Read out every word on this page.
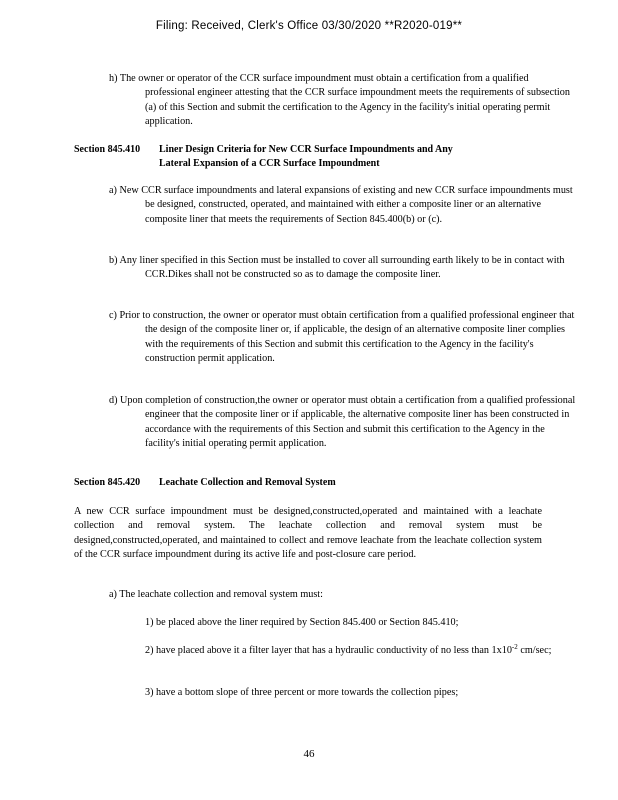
Filing: Received, Clerk's Office 03/30/2020 **R2020-019**

h) The owner or operator of the CCR surface impoundment must obtain a certification from a qualified professional engineer attesting that the CCR surface impoundment meets the requirements of subsection (a) of this Section and submit the certification to the Agency in the facility's initial operating permit application.

Section 845.410 Liner Design Criteria for New CCR Surface Impoundments and Any
Lateral Expansion of a CCR Surface Impoundment

a) New CCR surface impoundments and lateral expansions of existing and new CCR surface impoundments must be designed, constructed, operated, and maintained with either a composite liner or an alternative composite liner that meets the requirements of Section 845.400(b) or (c).

b) Any liner specified in this Section must be installed to cover all surrounding earth likely to be in contact with CCR.Dikes shall not be constructed so as to damage the composite liner.

c) Prior to construction, the owner or operator must obtain certification from a qualified professional engineer that the design of the composite liner or, if applicable, the design of an alternative composite liner complies with the requirements of this Section and submit this certification to the Agency in the facility's construction permit application.

d) Upon completion of construction,the owner or operator must obtain a certification from a qualified professional engineer that the composite liner or if applicable, the alternative composite liner has been constructed in accordance with the requirements of this Section and submit this certification to the Agency in the facility's initial operating permit application.

Section 845.420 Leachate Collection and Removal System

A new CCR surface impoundment must be designed,constructed,operated and maintained with a leachate collection and removal system. The leachate collection and removal system must be designed,constructed,operated, and maintained to collect and remove leachate from the leachate collection system of the CCR surface impoundment during its active life and post-closure care period.

a) The leachate collection and removal system must:

1) be placed above the liner required by Section 845.400 or Section 845.410;

2) have placed above it a filter layer that has a hydraulic conductivity of no less than $1x10^{-2}$ cm/sec;

3) have a bottom slope of three percent or more towards the collection pipes;

46
